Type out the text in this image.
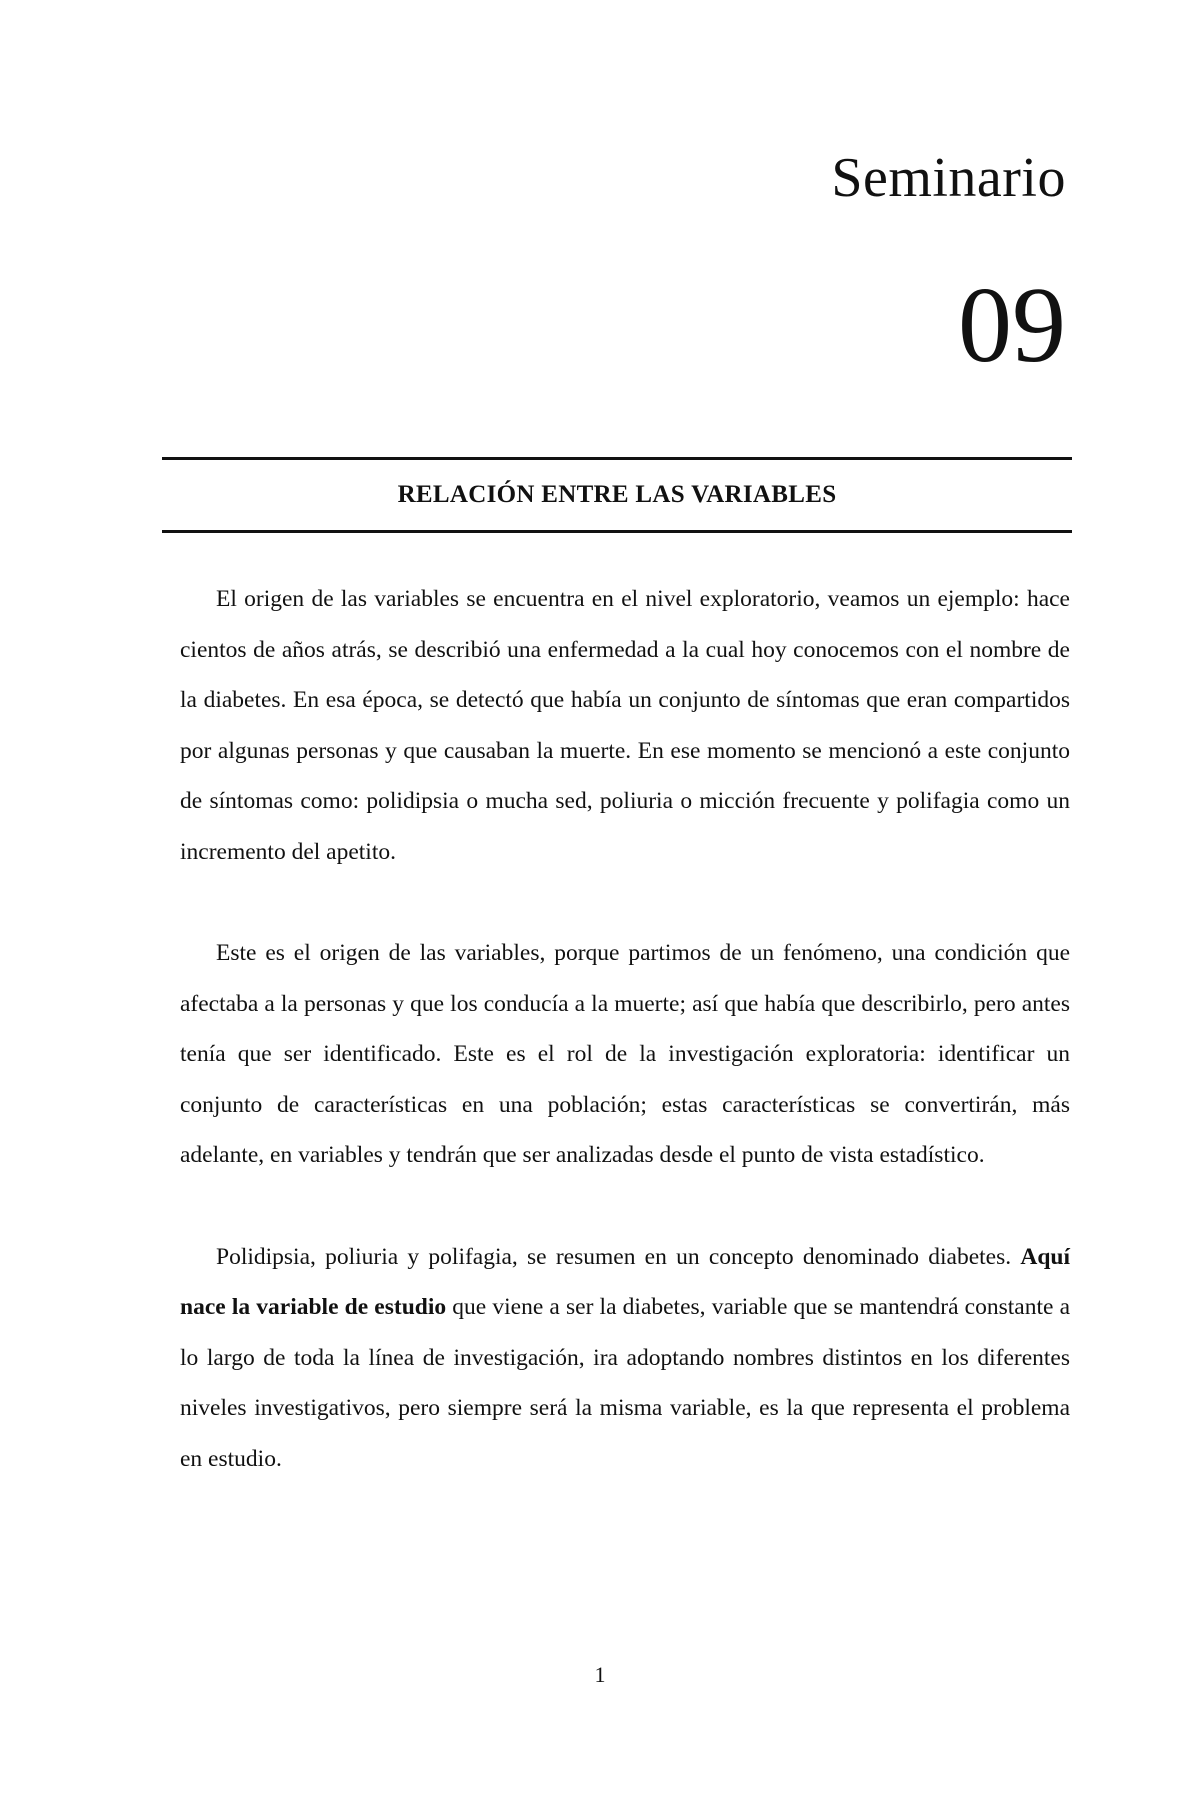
Seminario
09
RELACIÓN ENTRE LAS VARIABLES

El origen de las variables se encuentra en el nivel exploratorio, veamos un ejemplo: hace cientos de años atrás, se describió una enfermedad a la cual hoy conocemos con el nombre de la diabetes. En esa época, se detectó que había un conjunto de síntomas que eran compartidos por algunas personas y que causaban la muerte. En ese momento se mencionó a este conjunto de síntomas como: polidipsia o mucha sed, poliuria o micción frecuente y polifagia como un incremento del apetito.

Este es el origen de las variables, porque partimos de un fenómeno, una condición que afectaba a la personas y que los conducía a la muerte; así que había que describirlo, pero antes tenía que ser identificado. Este es el rol de la investigación exploratoria: identificar un conjunto de características en una población; estas características se convertirán, más adelante, en variables y tendrán que ser analizadas desde el punto de vista estadístico.

Polidipsia, poliuria y polifagia, se resumen en un concepto denominado diabetes. Aquí nace la variable de estudio que viene a ser la diabetes, variable que se mantendrá constante a lo largo de toda la línea de investigación, ira adoptando nombres distintos en los diferentes niveles investigativos, pero siempre será la misma variable, es la que representa el problema en estudio.

1
